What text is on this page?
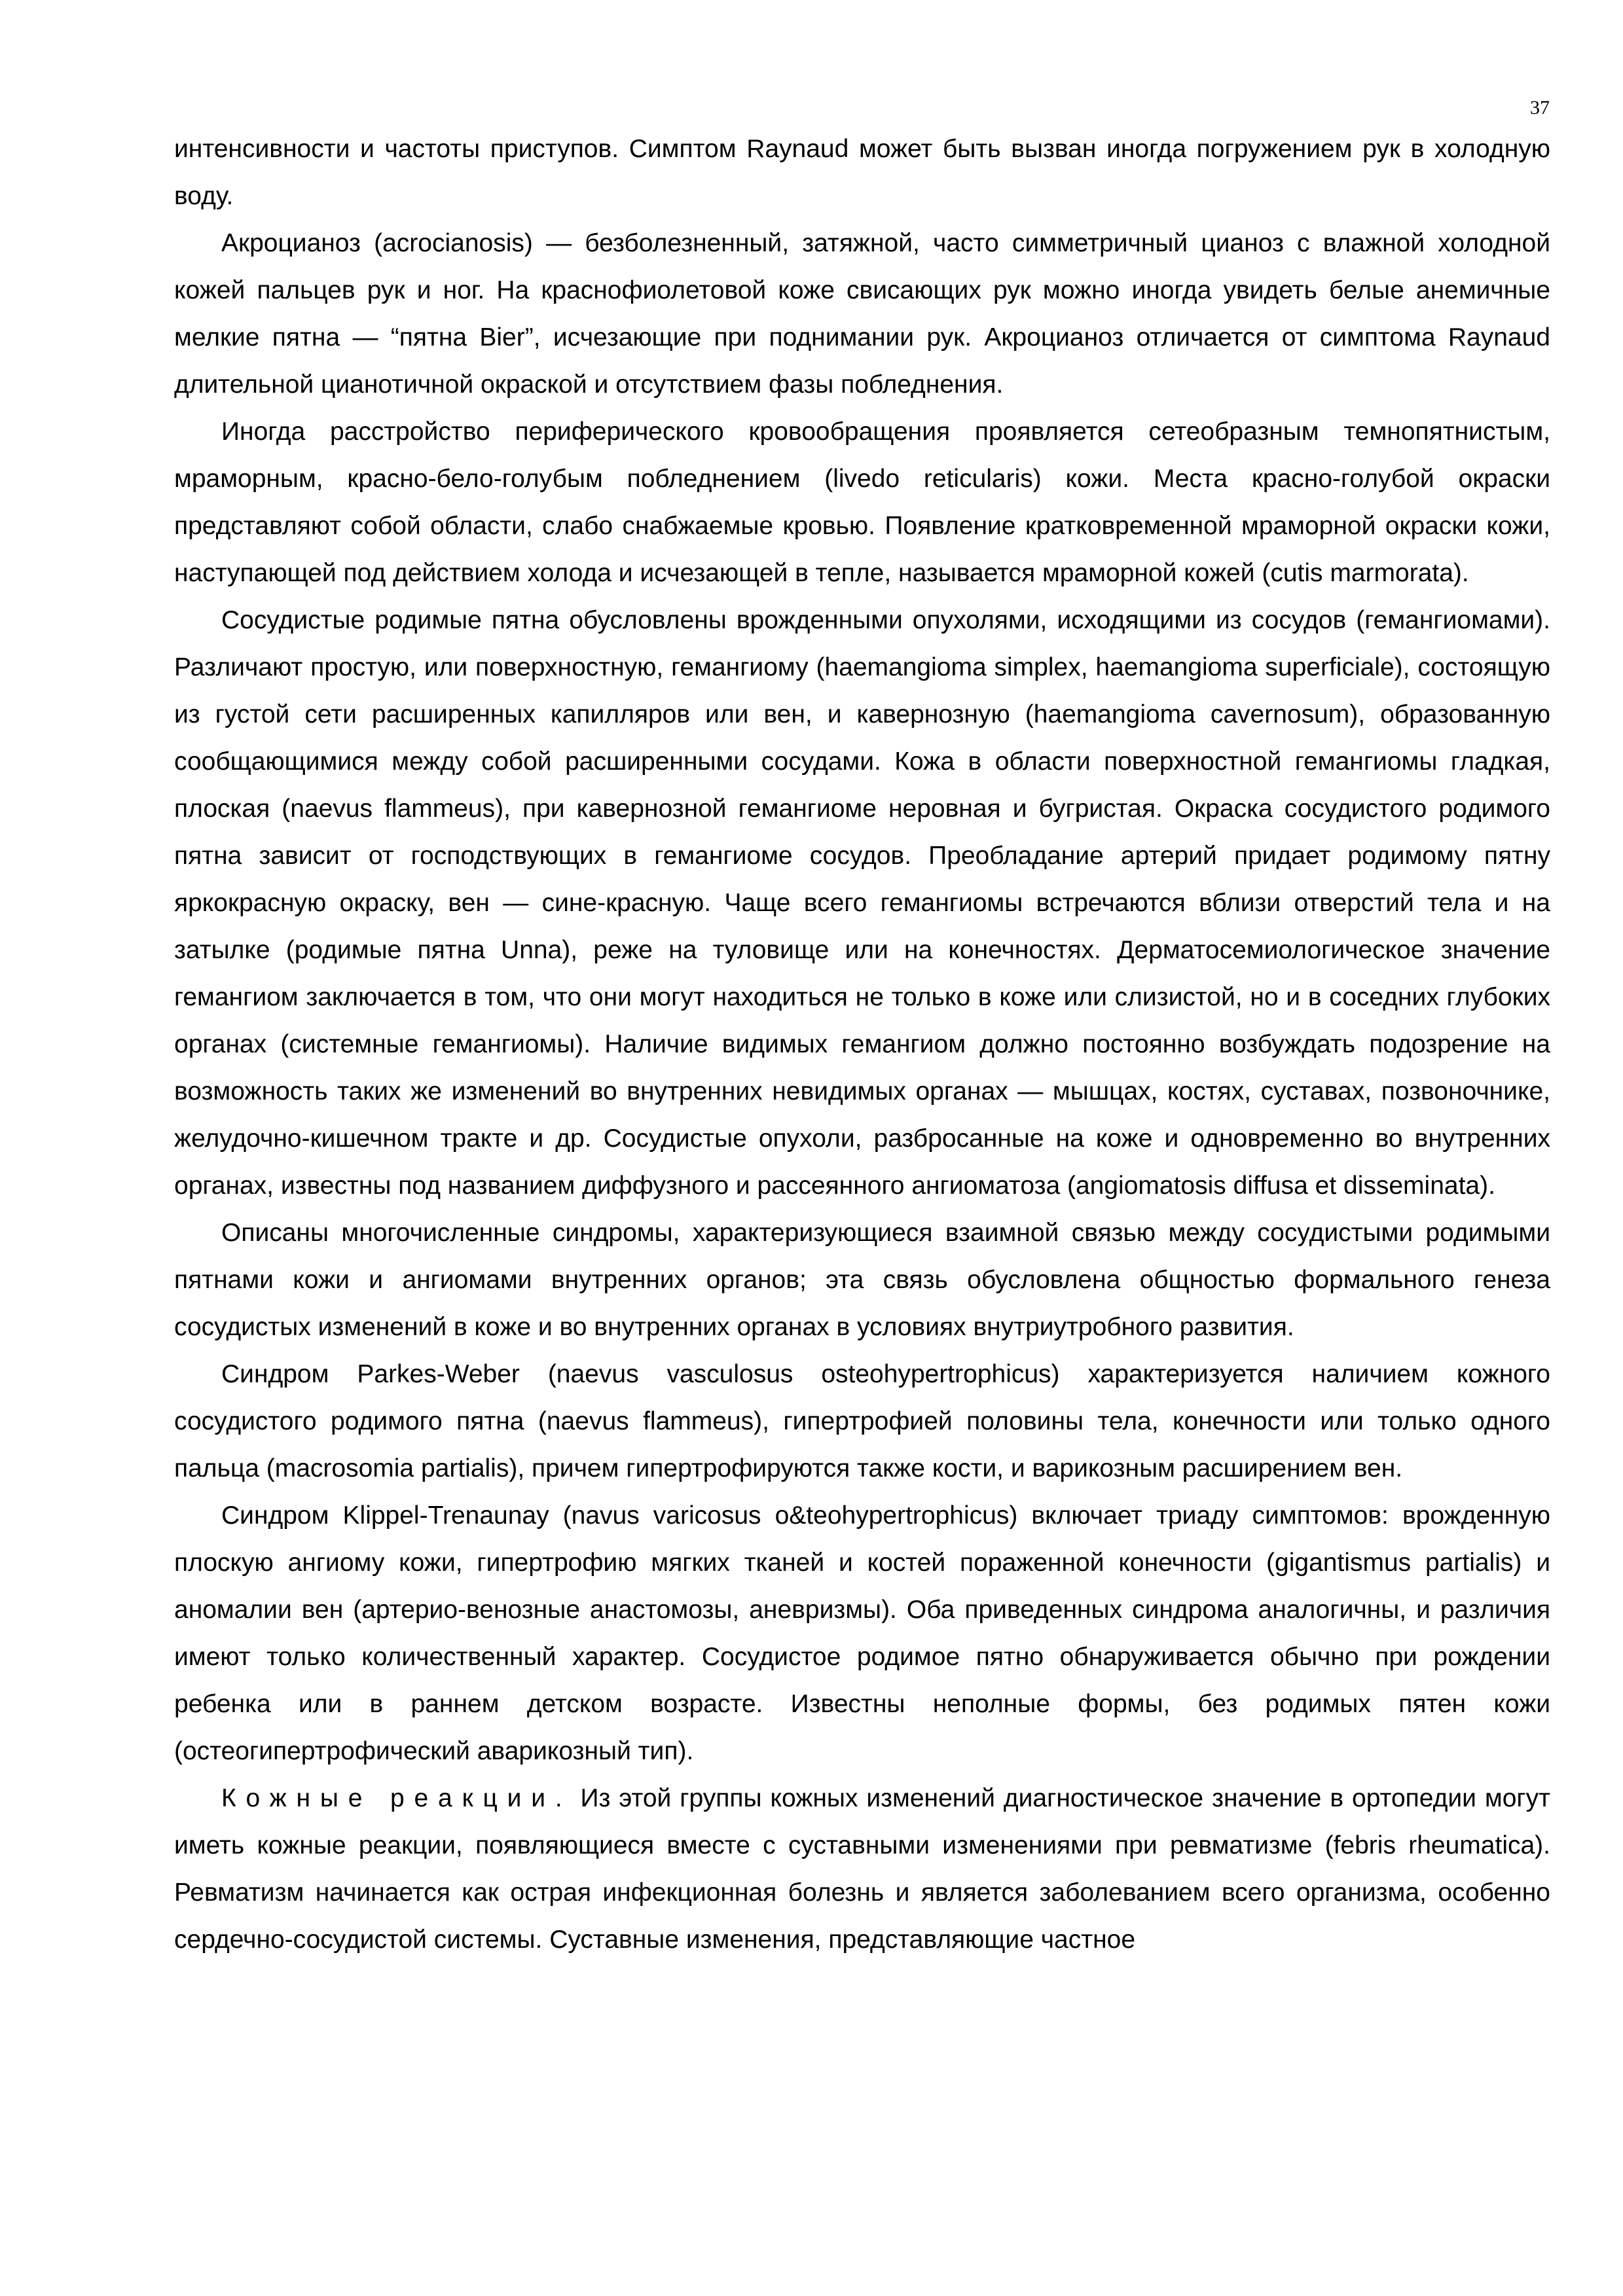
37

интенсивности и частоты приступов. Симптом Raynaud может быть вызван иногда погружением рук в холодную воду.

Акроцианоз (acrocianosis) — безболезненный, затяжной, часто симметричный цианоз с влажной холодной кожей пальцев рук и ног. На краснофиолетовой коже свисающих рук можно иногда увидеть белые анемичные мелкие пятна — “пятна Bier”, исчезающие при поднимании рук. Акроцианоз отличается от симптома Raynaud длительной цианотичной окраской и отсутствием фазы побледнения.

Иногда расстройство периферического кровообращения проявляется сетеобразным темнопятнистым, мраморным, красно-бело-голубым побледнением (livedo reticularis) кожи. Места красно-голубой окраски представляют собой области, слабо снабжаемые кровью. Появление кратковременной мраморной окраски кожи, наступающей под действием холода и исчезающей в тепле, называется мраморной кожей (cutis marmorata).

Сосудистые родимые пятна обусловлены врожденными опухолями, исходящими из сосудов (гемангиомами). Различают простую, или поверхностную, гемангиому (haemangioma simplex, haemangioma superficiale), состоящую из густой сети расширенных капилляров или вен, и кавернозную (haemangioma cavernosum), образованную сообщающимися между собой расширенными сосудами. Кожа в области поверхностной гемангиомы гладкая, плоская (naevus flammeus), при кавернозной гемангиоме неровная и бугристая. Окраска сосудистого родимого пятна зависит от господствующих в гемангиоме сосудов. Преобладание артерий придает родимому пятну яркокрасную окраску, вен — сине-красную. Чаще всего гемангиомы встречаются вблизи отверстий тела и на затылке (родимые пятна Unna), реже на туловище или на конечностях. Дерматосемиологическое значение гемангиом заключается в том, что они могут находиться не только в коже или слизистой, но и в соседних глубоких органах (системные гемангиомы). Наличие видимых гемангиом должно постоянно возбуждать подозрение на возможность таких же изменений во внутренних невидимых органах — мышцах, костях, суставах, позвоночнике, желудочно-кишечном тракте и др. Сосудистые опухоли, разбросанные на коже и одновременно во внутренних органах, известны под названием диффузного и рассеянного ангиоматоза (angiomatosis diffusa et disseminata).

Описаны многочисленные синдромы, характеризующиеся взаимной связью между сосудистыми родимыми пятнами кожи и ангиомами внутренних органов; эта связь обусловлена общностью формального генеза сосудистых изменений в коже и во внутренних органах в условиях внутриутробного развития.

Синдром Parkes-Weber (naevus vasculosus osteohypertrophicus) характеризуется наличием кожного сосудистого родимого пятна (naevus flammeus), гипертрофией половины тела, конечности или только одного пальца (macrosomia partialis), причем гипертрофируются также кости, и варикозным расширением вен.

Синдром Klippel-Trenaunay (navus varicosus o&teohypertrophicus) включает триаду симптомов: врожденную плоскую ангиому кожи, гипертрофию мягких тканей и костей пораженной конечности (gigantismus partialis) и аномалии вен (артерио-венозные анастомозы, аневризмы). Оба приведенных синдрома аналогичны, и различия имеют только количественный характер. Сосудистое родимое пятно обнаруживается обычно при рождении ребенка или в раннем детском возрасте. Известны неполные формы, без родимых пятен кожи (остеогипертрофический аварикозный тип).

Кожные реакции. Из этой группы кожных изменений диагностическое значение в ортопедии могут иметь кожные реакции, появляющиеся вместе с суставными изменениями при ревматизме (febris rheumatica). Ревматизм начинается как острая инфекционная болезнь и является заболеванием всего организма, особенно сердечно-сосудистой системы. Суставные изменения, представляющие частное
